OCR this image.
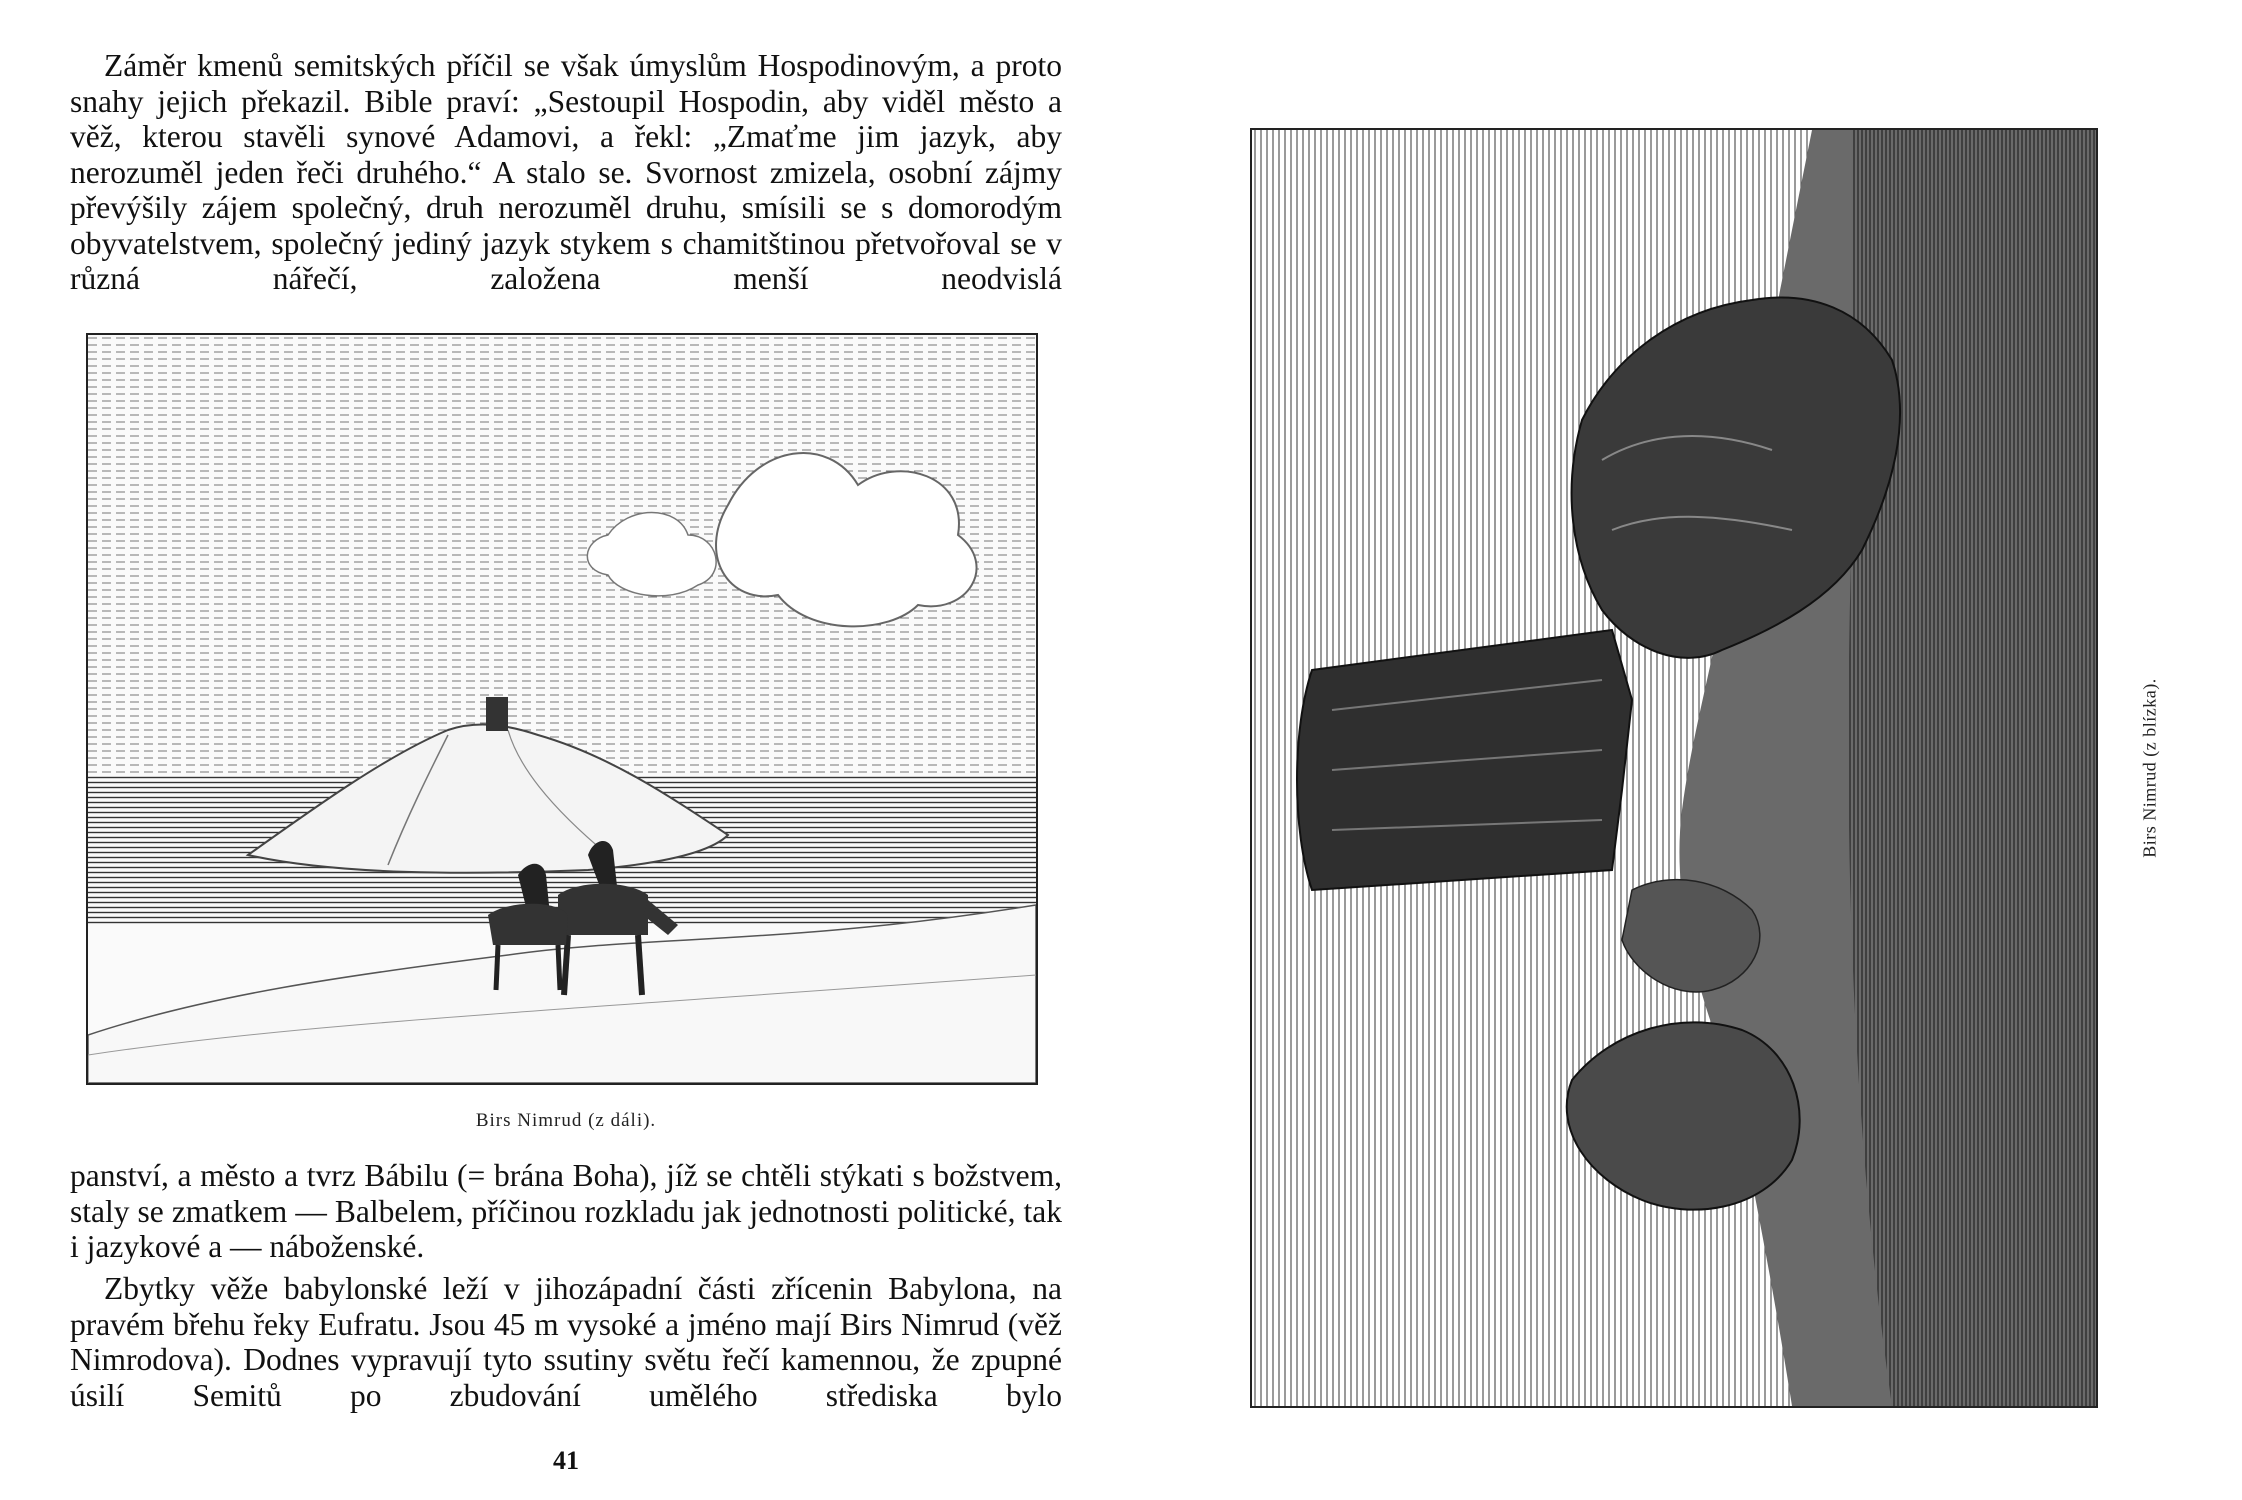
Záměr kmenů semitských příčil se však úmyslům Hospodinovým, a proto snahy jejich překazil. Bible praví: „Sestoupil Hospodin, aby viděl město a věž, kterou stavěli synové Adamovi, a řekl: „Zmaťme jim jazyk, aby nerozuměl jeden řeči druhého.“ A stalo se. Svornost zmizela, osobní zájmy převýšily zájem společný, druh nerozuměl druhu, smísili se s domorodým obyvatelstvem, společný jediný jazyk stykem s chamitštinou přetvořoval se v různá nářečí, založena menší neodvislá

Birs Nimrud (z dáli).

panství, a město a tvrz Bábilu (= brána Boha), jíž se chtěli stýkati s božstvem, staly se zmatkem — Balbelem, příčinou rozkladu jak jednotnosti politické, tak i jazykové a — náboženské.

Zbytky věže babylonské leží v jihozápadní části zřícenin Babylona, na pravém břehu řeky Eufratu. Jsou 45 m vysoké a jméno mají Birs Nimrud (věž Nimrodova). Dodnes vypravují tyto ssutiny světu řečí kamennou, že zpupné úsilí Semitů po zbudování umělého střediska bylo

41
Birs Nimrud (z blízka).
